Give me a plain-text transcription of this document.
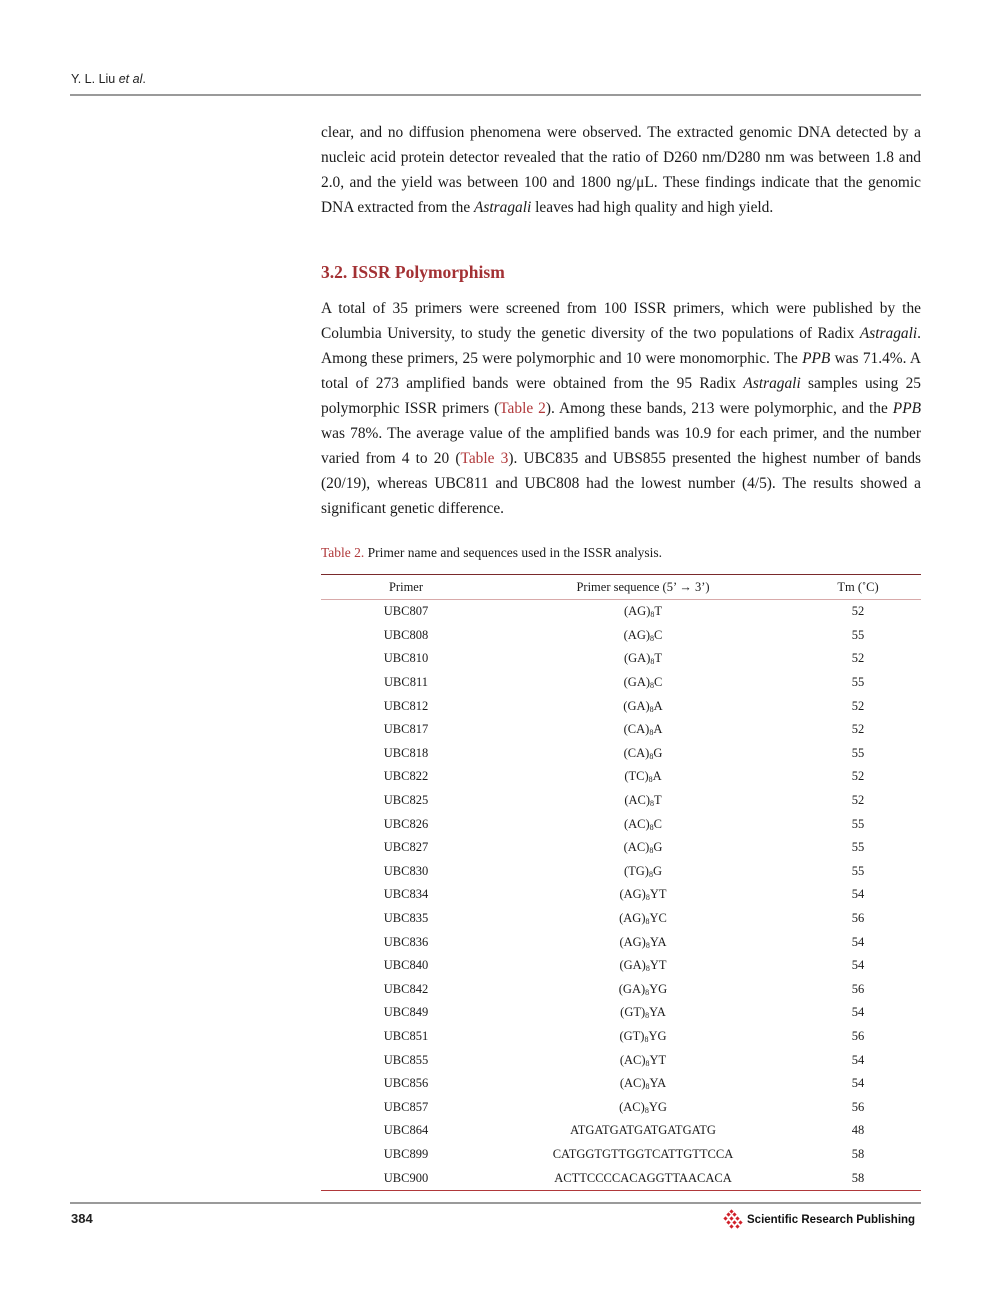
Y. L. Liu et al.

clear, and no diffusion phenomena were observed. The extracted genomic DNA detected by a nucleic acid protein detector revealed that the ratio of D260 nm/D280 nm was between 1.8 and 2.0, and the yield was between 100 and 1800 ng/μL. These findings indicate that the genomic DNA extracted from the Astragali leaves had high quality and high yield.

3.2. ISSR Polymorphism

A total of 35 primers were screened from 100 ISSR primers, which were published by the Columbia University, to study the genetic diversity of the two populations of Radix Astragali. Among these primers, 25 were polymorphic and 10 were monomorphic. The PPB was 71.4%. A total of 273 amplified bands were obtained from the 95 Radix Astragali samples using 25 polymorphic ISSR primers (Table 2). Among these bands, 213 were polymorphic, and the PPB was 78%. The average value of the amplified bands was 10.9 for each primer, and the number varied from 4 to 20 (Table 3). UBC835 and UBS855 presented the highest number of bands (20/19), whereas UBC811 and UBC808 had the lowest number (4/5). The results showed a significant genetic difference.

Table 2. Primer name and sequences used in the ISSR analysis.
Primer	Primer sequence (5’ → 3’)	Tm (˚C)
UBC807	$(AG)_8T$	52
UBC808	$(AG)_8C$	55
UBC810	$(GA)_8T$	52
UBC811	$(GA)_8C$	55
UBC812	$(GA)_8A$	52
UBC817	$(CA)_8A$	52
UBC818	$(CA)_8G$	55
UBC822	$(TC)_8A$	52
UBC825	$(AC)_8T$	52
UBC826	$(AC)_8C$	55
UBC827	$(AC)_8G$	55
UBC830	$(TG)_8G$	55
UBC834	$(AG)_8YT$	54
UBC835	$(AG)_8YC$	56
UBC836	$(AG)_8YA$	54
UBC840	$(GA)_8YT$	54
UBC842	$(GA)_8YG$	56
UBC849	$(GT)_8YA$	54
UBC851	$(GT)_8YG$	56
UBC855	$(AC)_8YT$	54
UBC856	$(AC)_8YA$	54
UBC857	$(AC)_8YG$	56
UBC864	ATGATGATGATGATGATG	48
UBC899	CATGGTGTTGGTCATTGTTCCA	58
UBC900	ACTTCCCCACAGGTTAACACA	58
384	Scientific Research Publishing
